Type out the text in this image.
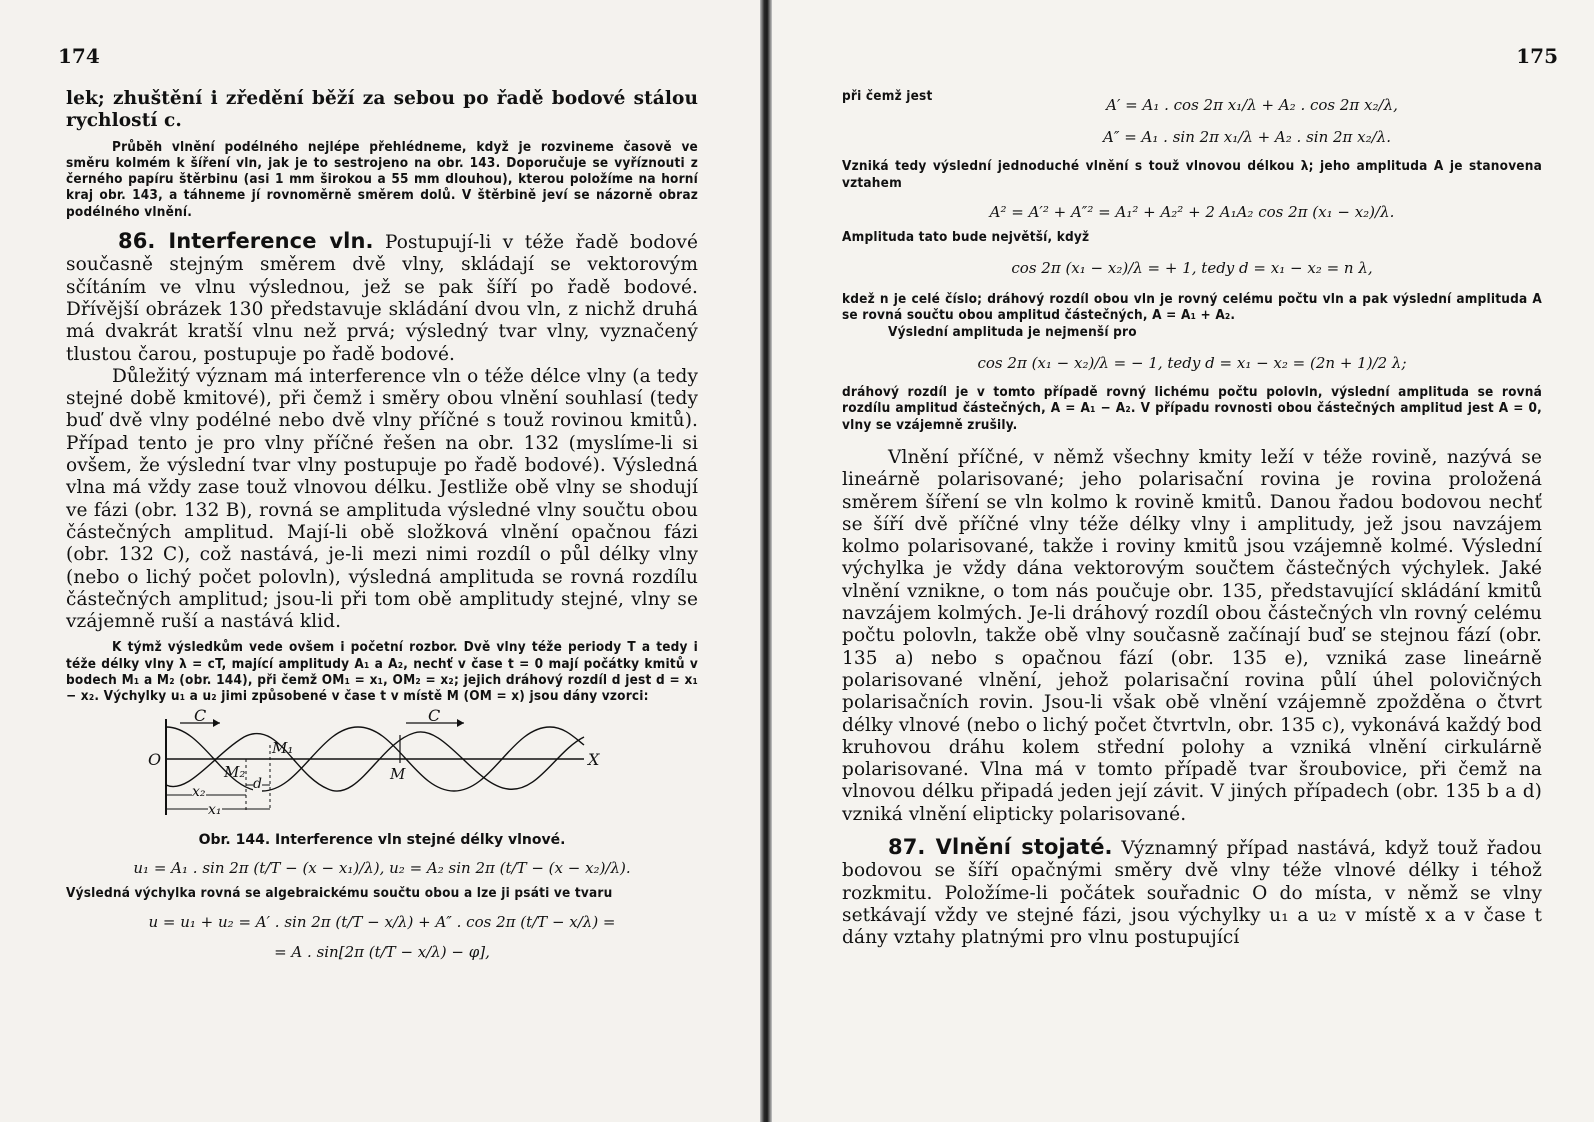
174

lek; zhuštění i zředění běží za sebou po řadě bodové stálou rychlostí c.

Průběh vlnění podélného nejlépe přehlédneme, když je rozvineme časově ve směru kolmém k šíření vln, jak je to sestrojeno na obr. 143. Doporučuje se vyříznouti z černého papíru štěrbinu (asi 1 mm širokou a 55 mm dlouhou), kterou položíme na horní kraj obr. 143, a táhneme jí rovnoměrně směrem dolů. V štěrbině jeví se názorně obraz podélného vlnění.

86. Interference vln. Postupují-li v téže řadě bodové současně stejným směrem dvě vlny, skládají se vektorovým sčítáním ve vlnu výslednou, jež se pak šíří po řadě bodové. Dřívější obrázek 130 představuje skládání dvou vln, z nichž druhá má dvakrát kratší vlnu než prvá; výsledný tvar vlny, vyznačený tlustou čarou, postupuje po řadě bodové.

Důležitý význam má interference vln o téže délce vlny (a tedy stejné době kmitové), při čemž i směry obou vlnění souhlasí (tedy buď dvě vlny podélné nebo dvě vlny příčné s touž rovinou kmitů). Případ tento je pro vlny příčné řešen na obr. 132 (myslíme-li si ovšem, že výslední tvar vlny postupuje po řadě bodové). Výsledná vlna má vždy zase touž vlnovou délku. Jestliže obě vlny se shodují ve fázi (obr. 132 B), rovná se amplituda výsledné vlny součtu obou částečných amplitud. Mají-li obě složková vlnění opačnou fázi (obr. 132 C), což nastává, je-li mezi nimi rozdíl o půl délky vlny (nebo o lichý počet polovln), výsledná amplituda se rovná rozdílu částečných amplitud; jsou-li při tom obě amplitudy stejné, vlny se vzájemně ruší a nastává klid.

K týmž výsledkům vede ovšem i početní rozbor. Dvě vlny téže periody T a tedy i téže délky vlny λ = cT, mající amplitudy A₁ a A₂, nechť v čase t = 0 mají počátky kmitů v bodech M₁ a M₂ (obr. 144), při čemž OM₁ = x₁, OM₂ = x₂; jejich dráhový rozdíl d jest d = x₁ − x₂. Výchylky u₁ a u₂ jimi způsobené v čase t v místě M (OM = x) jsou dány vzorci:

C	C
O	X
M₁
M₂	M
x₂
x₁
d

Obr. 144. Interference vln stejné délky vlnové.

u₁ = A₁ . sin 2π (t/T − (x − x₁)/λ), u₂ = A₂ sin 2π (t/T − (x − x₂)/λ).

Výsledná výchylka rovná se algebraickému součtu obou a lze ji psáti ve tvaru

u = u₁ + u₂ = A′ . sin 2π (t/T − x/λ) + A″ . cos 2π (t/T − x/λ) =

= A . sin[2π (t/T − x/λ) − φ],

175

při čemž jest

A′ = A₁ . cos 2π x₁/λ + A₂ . cos 2π x₂/λ,

A″ = A₁ . sin 2π x₁/λ + A₂ . sin 2π x₂/λ.

Vzniká tedy výslední jednoduché vlnění s touž vlnovou délkou λ; jeho amplituda A je stanovena vztahem

A² = A′² + A″² = A₁² + A₂² + 2 A₁A₂ cos 2π (x₁ − x₂)/λ.

Amplituda tato bude největší, když

cos 2π (x₁ − x₂)/λ = + 1, tedy d = x₁ − x₂ = n λ,

kdež n je celé číslo; dráhový rozdíl obou vln je rovný celému počtu vln a pak výslední amplituda A se rovná součtu obou amplitud částečných, A = A₁ + A₂.

Výslední amplituda je nejmenší pro

cos 2π (x₁ − x₂)/λ = − 1, tedy d = x₁ − x₂ = (2n + 1)/2 λ;

dráhový rozdíl je v tomto případě rovný lichému počtu polovln, výslední amplituda se rovná rozdílu amplitud částečných, A = A₁ − A₂. V případu rovnosti obou částečných amplitud jest A = 0, vlny se vzájemně zrušily.

Vlnění příčné, v němž všechny kmity leží v téže rovině, nazývá se lineárně polarisované; jeho polarisační rovina je rovina proložená směrem šíření se vln kolmo k rovině kmitů. Danou řadou bodovou nechť se šíří dvě příčné vlny téže délky vlny i amplitudy, jež jsou navzájem kolmo polarisované, takže i roviny kmitů jsou vzájemně kolmé. Výslední výchylka je vždy dána vektorovým součtem částečných výchylek. Jaké vlnění vznikne, o tom nás poučuje obr. 135, představující skládání kmitů navzájem kolmých. Je-li dráhový rozdíl obou částečných vln rovný celému počtu polovln, takže obě vlny současně začínají buď se stejnou fází (obr. 135 a) nebo s opačnou fází (obr. 135 e), vzniká zase lineárně polarisované vlnění, jehož polarisační rovina půlí úhel polovičných polarisačních rovin. Jsou-li však obě vlnění vzájemně zpožděna o čtvrt délky vlnové (nebo o lichý počet čtvrtvln, obr. 135 c), vykonává každý bod kruhovou dráhu kolem střední polohy a vzniká vlnění cirkulárně polarisované. Vlna má v tomto případě tvar šroubovice, při čemž na vlnovou délku připadá jeden její závit. V jiných případech (obr. 135 b a d) vzniká vlnění elipticky polarisované.

87. Vlnění stojaté. Významný případ nastává, když touž řadou bodovou se šíří opačnými směry dvě vlny téže vlnové délky i téhož rozkmitu. Položíme-li počátek souřadnic O do místa, v němž se vlny setkávají vždy ve stejné fázi, jsou výchylky u₁ a u₂ v místě x a v čase t dány vztahy platnými pro vlnu postupující
